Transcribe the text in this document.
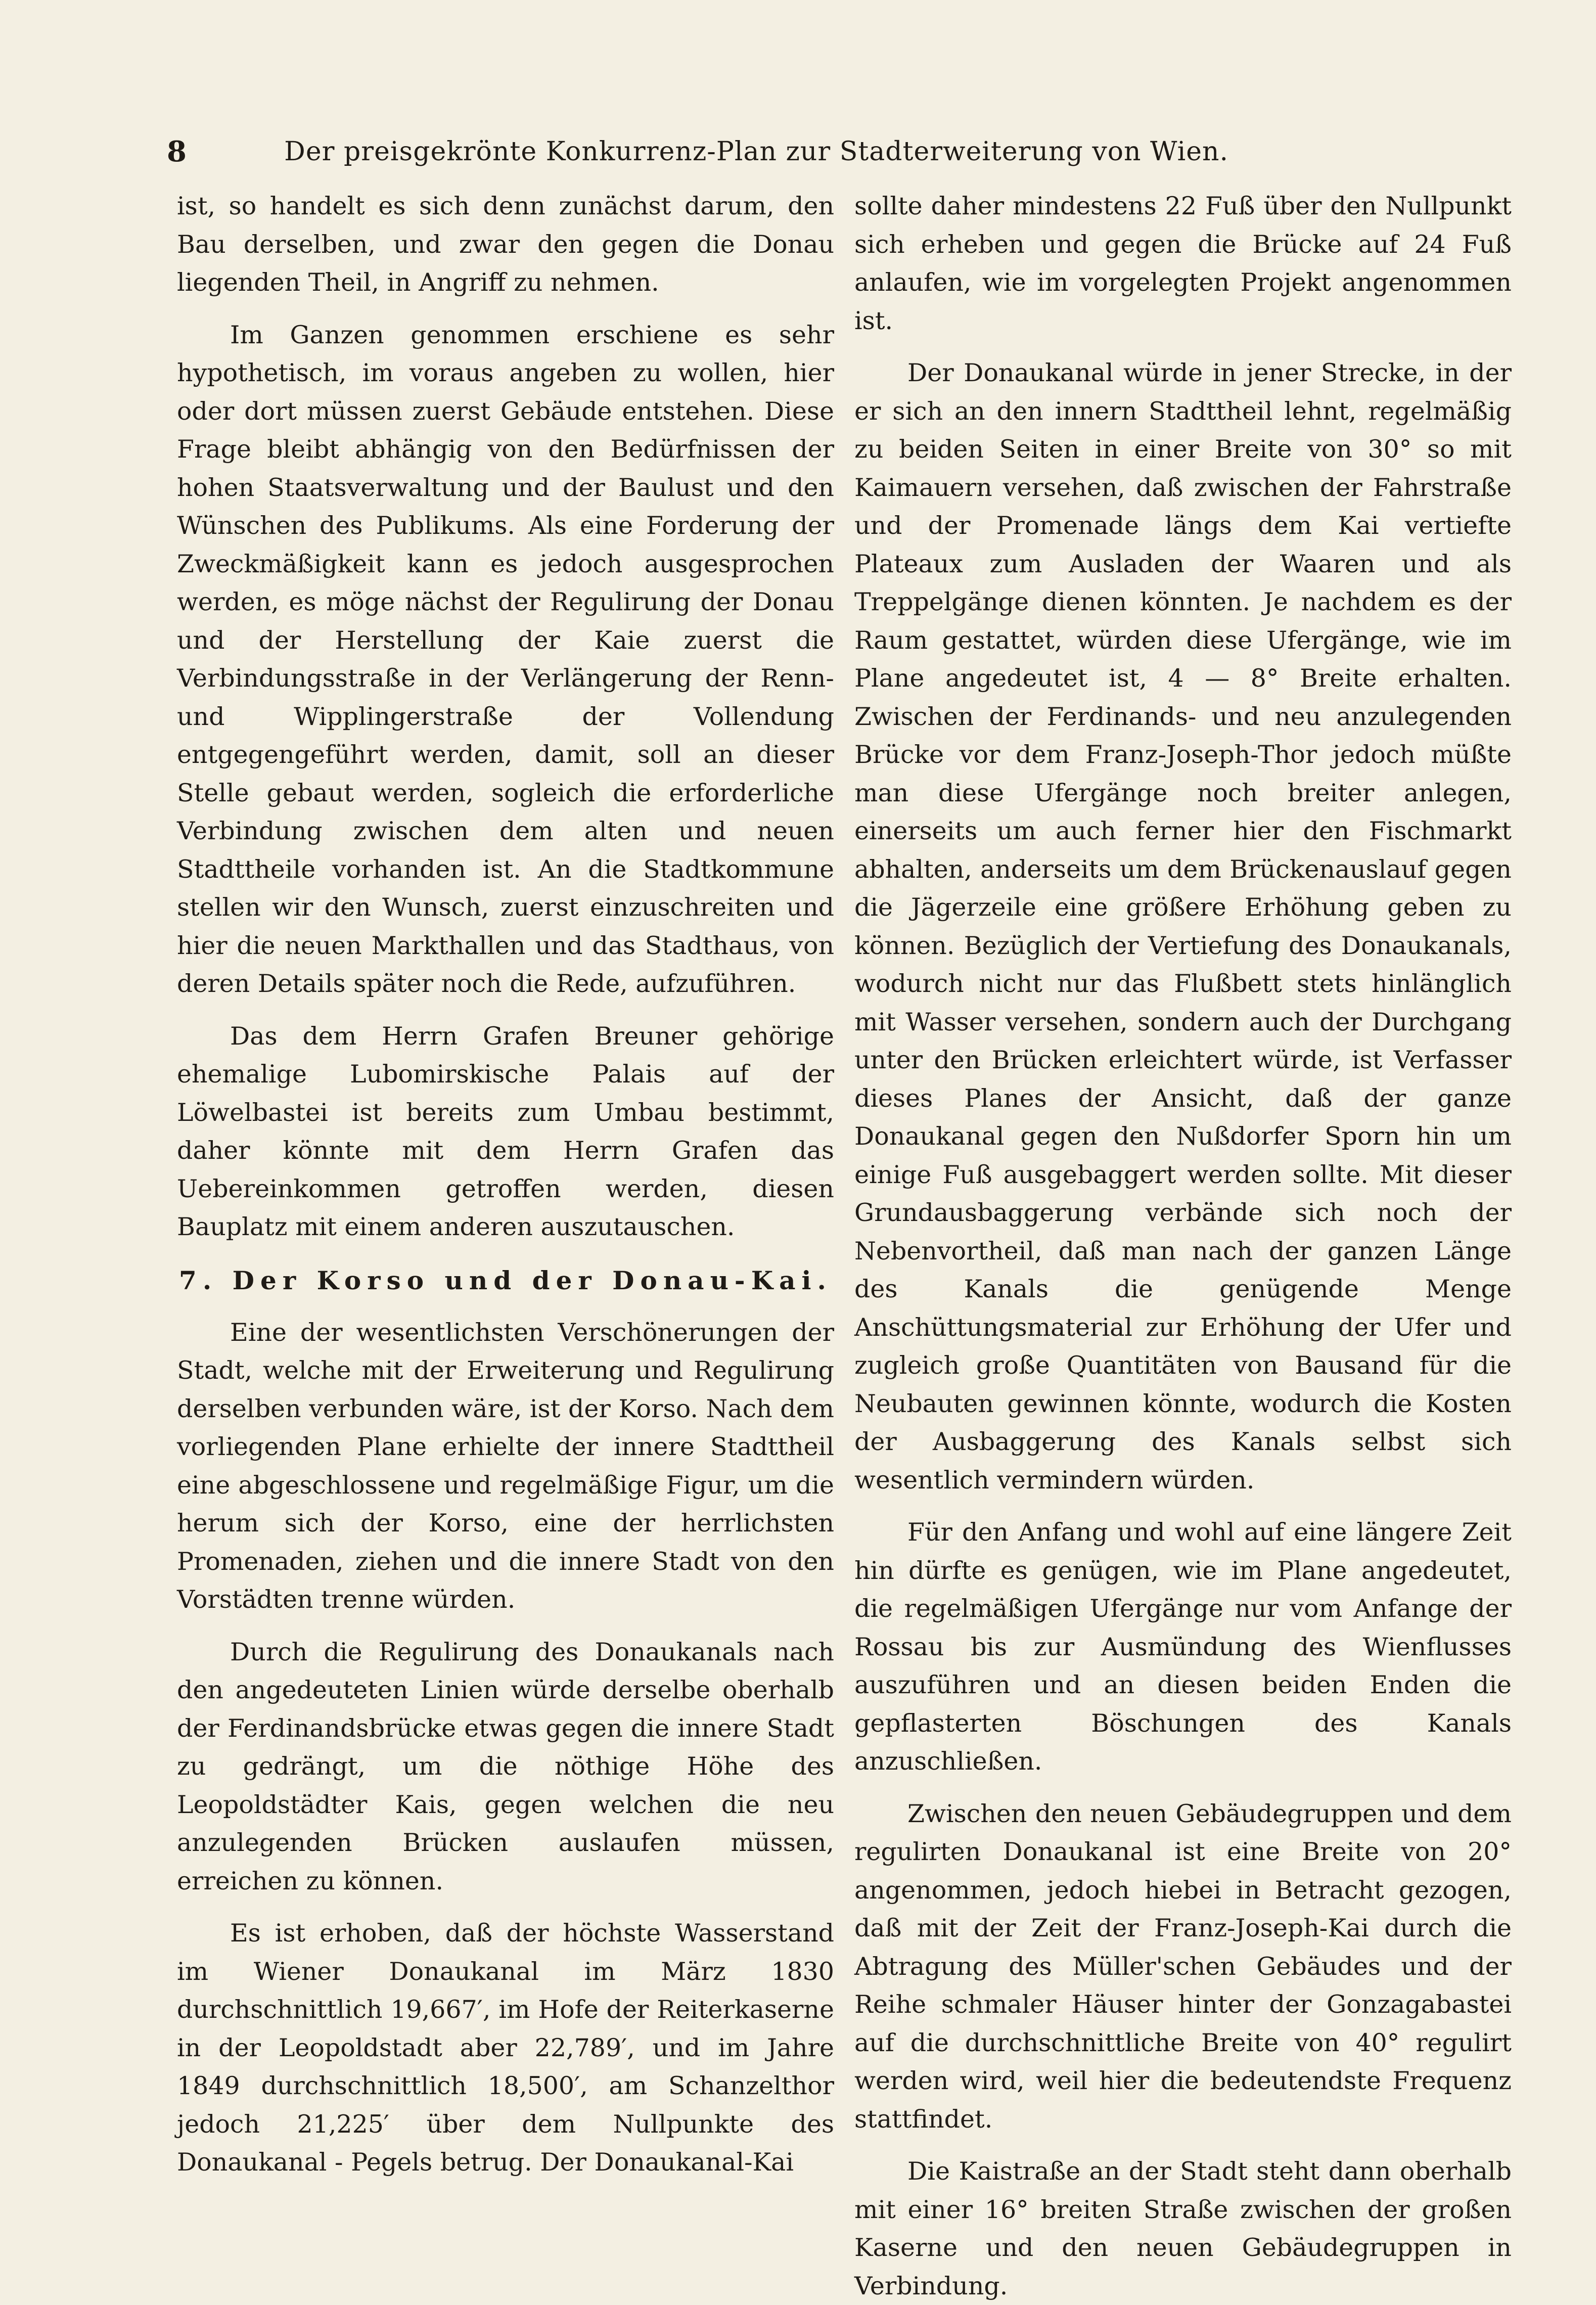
8	Der preisgekrönte Konkurrenz-Plan zur Stadterweiterung von Wien.

ist, so handelt es sich denn zunächst darum, den Bau derselben, und zwar den gegen die Donau liegenden Theil, in Angriff zu nehmen.

Im Ganzen genommen erschiene es sehr hypothetisch, im voraus angeben zu wollen, hier oder dort müssen zuerst Gebäude entstehen. Diese Frage bleibt abhängig von den Bedürfnissen der hohen Staatsverwaltung und der Baulust und den Wünschen des Publikums. Als eine Forderung der Zweckmäßigkeit kann es jedoch ausgesprochen werden, es möge nächst der Regulirung der Donau und der Herstellung der Kaie zuerst die Verbindungsstraße in der Verlängerung der Renn- und Wipplingerstraße der Vollendung entgegengeführt werden, damit, soll an dieser Stelle gebaut werden, sogleich die erforderliche Verbindung zwischen dem alten und neuen Stadttheile vorhanden ist. An die Stadtkommune stellen wir den Wunsch, zuerst einzuschreiten und hier die neuen Markthallen und das Stadthaus, von deren Details später noch die Rede, aufzuführen.

Das dem Herrn Grafen Breuner gehörige ehemalige Lubomirskische Palais auf der Löwelbastei ist bereits zum Umbau bestimmt, daher könnte mit dem Herrn Grafen das Uebereinkommen getroffen werden, diesen Bauplatz mit einem anderen auszutauschen.

7. Der Korso und der Donau-Kai.

Eine der wesentlichsten Verschönerungen der Stadt, welche mit der Erweiterung und Regulirung derselben verbunden wäre, ist der Korso. Nach dem vorliegenden Plane erhielte der innere Stadttheil eine abgeschlossene und regelmäßige Figur, um die herum sich der Korso, eine der herrlichsten Promenaden, ziehen und die innere Stadt von den Vorstädten trenne würden.

Durch die Regulirung des Donaukanals nach den angedeuteten Linien würde derselbe oberhalb der Ferdinandsbrücke etwas gegen die innere Stadt zu gedrängt, um die nöthige Höhe des Leopoldstädter Kais, gegen welchen die neu anzulegenden Brücken auslaufen müssen, erreichen zu können.

Es ist erhoben, daß der höchste Wasserstand im Wiener Donaukanal im März 1830 durchschnittlich 19,667′, im Hofe der Reiterkaserne in der Leopoldstadt aber 22,789′, und im Jahre 1849 durchschnittlich 18,500′, am Schanzelthor jedoch 21,225′ über dem Nullpunkte des Donaukanal - Pegels betrug. Der Donaukanal-Kai

sollte daher mindestens 22 Fuß über den Nullpunkt sich erheben und gegen die Brücke auf 24 Fuß anlaufen, wie im vorgelegten Projekt angenommen ist.

Der Donaukanal würde in jener Strecke, in der er sich an den innern Stadttheil lehnt, regelmäßig zu beiden Seiten in einer Breite von 30° so mit Kaimauern versehen, daß zwischen der Fahrstraße und der Promenade längs dem Kai vertiefte Plateaux zum Ausladen der Waaren und als Treppelgänge dienen könnten. Je nachdem es der Raum gestattet, würden diese Ufergänge, wie im Plane angedeutet ist, 4 — 8° Breite erhalten. Zwischen der Ferdinands- und neu anzulegenden Brücke vor dem Franz-Joseph-Thor jedoch müßte man diese Ufergänge noch breiter anlegen, einerseits um auch ferner hier den Fischmarkt abhalten, anderseits um dem Brückenauslauf gegen die Jägerzeile eine größere Erhöhung geben zu können. Bezüglich der Vertiefung des Donaukanals, wodurch nicht nur das Flußbett stets hinlänglich mit Wasser versehen, sondern auch der Durchgang unter den Brücken erleichtert würde, ist Verfasser dieses Planes der Ansicht, daß der ganze Donaukanal gegen den Nußdorfer Sporn hin um einige Fuß ausgebaggert werden sollte. Mit dieser Grundausbaggerung verbände sich noch der Nebenvortheil, daß man nach der ganzen Länge des Kanals die genügende Menge Anschüttungsmaterial zur Erhöhung der Ufer und zugleich große Quantitäten von Bausand für die Neubauten gewinnen könnte, wodurch die Kosten der Ausbaggerung des Kanals selbst sich wesentlich vermindern würden.

Für den Anfang und wohl auf eine längere Zeit hin dürfte es genügen, wie im Plane angedeutet, die regelmäßigen Ufergänge nur vom Anfange der Rossau bis zur Ausmündung des Wienflusses auszuführen und an diesen beiden Enden die gepflasterten Böschungen des Kanals anzuschließen.

Zwischen den neuen Gebäudegruppen und dem regulirten Donaukanal ist eine Breite von 20° angenommen, jedoch hiebei in Betracht gezogen, daß mit der Zeit der Franz-Joseph-Kai durch die Abtragung des Müller'schen Gebäudes und der Reihe schmaler Häuser hinter der Gonzagabastei auf die durchschnittliche Breite von 40° regulirt werden wird, weil hier die bedeutendste Frequenz stattfindet.

Die Kaistraße an der Stadt steht dann oberhalb mit einer 16° breiten Straße zwischen der großen Kaserne und den neuen Gebäudegruppen in Verbindung.
